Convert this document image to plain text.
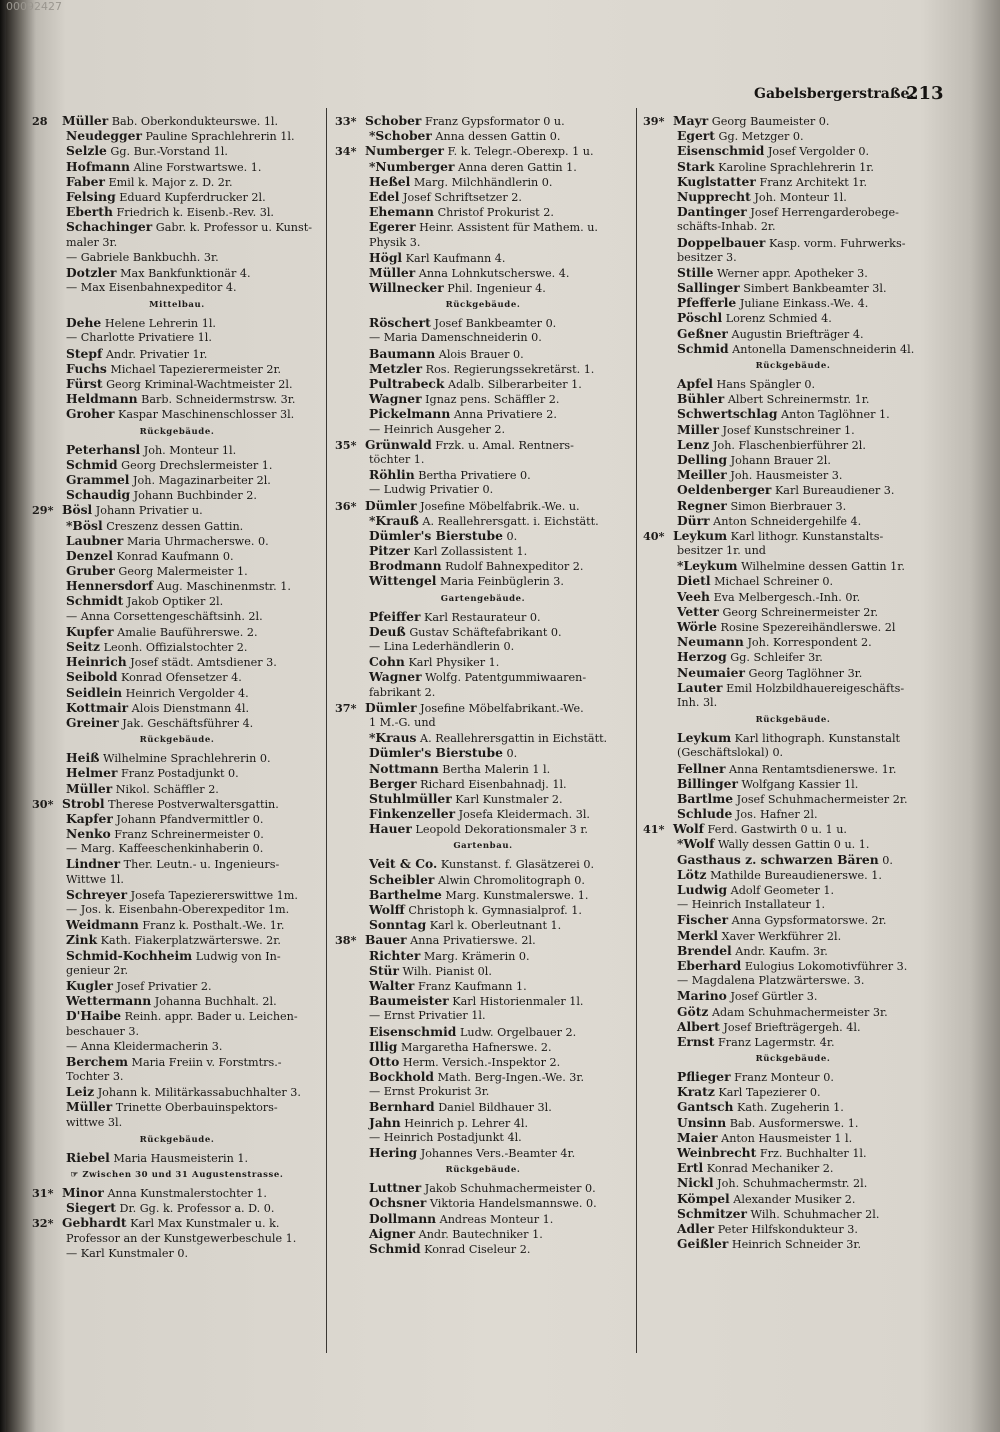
00092427
Gabelsbergerstraße.
213
28 Müller Bab. Oberkondukteurswe. 1l.
Neudegger Pauline Sprachlehrerin 1l.
Selzle Gg. Bur.-Vorstand 1l.
Hofmann Aline Forstwartswe. 1.
Faber Emil k. Major z. D. 2r.
Felsing Eduard Kupferdrucker 2l.
Eberth Friedrich k. Eisenb.-Rev. 3l.
Schachinger Gabr. k. Professor u. Kunst-
maler 3r.
— Gabriele Bankbuchh. 3r.
Dotzler Max Bankfunktionär 4.
— Max Eisenbahnexpeditor 4.
Mittelbau.
Dehe Helene Lehrerin 1l.
— Charlotte Privatiere 1l.
Stepf Andr. Privatier 1r.
Fuchs Michael Tapezierermeister 2r.
Fürst Georg Kriminal-Wachtmeister 2l.
Heldmann Barb. Schneidermstrsw. 3r.
Groher Kaspar Maschinenschlosser 3l.
Rückgebäude.
Peterhansl Joh. Monteur 1l.
Schmid Georg Drechslermeister 1.
Grammel Joh. Magazinarbeiter 2l.
Schaudig Johann Buchbinder 2.
29* Bösl Johann Privatier u.
*Bösl Creszenz dessen Gattin.
Laubner Maria Uhrmacherswe. 0.
Denzel Konrad Kaufmann 0.
Gruber Georg Malermeister 1.
Hennersdorf Aug. Maschinenmstr. 1.
Schmidt Jakob Optiker 2l.
— Anna Corsettengeschäftsinh. 2l.
Kupfer Amalie Bauführerswe. 2.
Seitz Leonh. Offizialstochter 2.
Heinrich Josef städt. Amtsdiener 3.
Seibold Konrad Ofensetzer 4.
Seidlein Heinrich Vergolder 4.
Kottmair Alois Dienstmann 4l.
Greiner Jak. Geschäftsführer 4.
Rückgebäude.
Heiß Wilhelmine Sprachlehrerin 0.
Helmer Franz Postadjunkt 0.
Müller Nikol. Schäffler 2.
30* Strobl Therese Postverwaltersgattin.
Kapfer Johann Pfandvermittler 0.
Nenko Franz Schreinermeister 0.
— Marg. Kaffeeschenkinhaberin 0.
Lindner Ther. Leutn.- u. Ingenieurs-
Wittwe 1l.
Schreyer Josefa Tapeziererswittwe 1m.
— Jos. k. Eisenbahn-Oberexpeditor 1m.
Weidmann Franz k. Posthalt.-We. 1r.
Zink Kath. Fiakerplatzwärterswe. 2r.
Schmid-Kochheim Ludwig von In-
genieur 2r.
Kugler Josef Privatier 2.
Wettermann Johanna Buchhalt. 2l.
D'Haibe Reinh. appr. Bader u. Leichen-
beschauer 3.
— Anna Kleidermacherin 3.
Berchem Maria Freiin v. Forstmtrs.-
Tochter 3.
Leiz Johann k. Militärkassabuchhalter 3.
Müller Trinette Oberbauinspektors-
wittwe 3l.
Rückgebäude.
Riebel Maria Hausmeisterin 1.
☞ Zwischen 30 und 31 Augustenstrasse.
31* Minor Anna Kunstmalerstochter 1.
Siegert Dr. Gg. k. Professor a. D. 0.
32* Gebhardt Karl Max Kunstmaler u. k.
Professor an der Kunstgewerbeschule 1.
— Karl Kunstmaler 0.
33* Schober Franz Gypsformator 0 u.
*Schober Anna dessen Gattin 0.
34* Numberger F. k. Telegr.-Oberexp. 1 u.
*Numberger Anna deren Gattin 1.
Heßel Marg. Milchhändlerin 0.
Edel Josef Schriftsetzer 2.
Ehemann Christof Prokurist 2.
Egerer Heinr. Assistent für Mathem. u.
Physik 3.
Högl Karl Kaufmann 4.
Müller Anna Lohnkutscherswe. 4.
Willnecker Phil. Ingenieur 4.
Rückgebäude.
Röschert Josef Bankbeamter 0.
— Maria Damenschneiderin 0.
Baumann Alois Brauer 0.
Metzler Ros. Regierungssekretärst. 1.
Pultrabeck Adalb. Silberarbeiter 1.
Wagner Ignaz pens. Schäffler 2.
Pickelmann Anna Privatiere 2.
— Heinrich Ausgeher 2.
35* Grünwald Frzk. u. Amal. Rentners-
töchter 1.
Röhlin Bertha Privatiere 0.
— Ludwig Privatier 0.
36* Dümler Josefine Möbelfabrik.-We. u.
*Krauß A. Reallehrersgatt. i. Eichstätt.
Dümler's Bierstube 0.
Pitzer Karl Zollassistent 1.
Brodmann Rudolf Bahnexpeditor 2.
Wittengel Maria Feinbüglerin 3.
Gartengebäude.
Pfeiffer Karl Restaurateur 0.
Deuß Gustav Schäftefabrikant 0.
— Lina Lederhändlerin 0.
Cohn Karl Physiker 1.
Wagner Wolfg. Patentgummiwaaren-
fabrikant 2.
37* Dümler Josefine Möbelfabrikant.-We.
1 M.-G. und
*Kraus A. Reallehrersgattin in Eichstätt.
Dümler's Bierstube 0.
Nottmann Bertha Malerin 1 l.
Berger Richard Eisenbahnadj. 1l.
Stuhlmüller Karl Kunstmaler 2.
Finkenzeller Josefa Kleidermach. 3l.
Hauer Leopold Dekorationsmaler 3 r.
Gartenbau.
Veit & Co. Kunstanst. f. Glasätzerei 0.
Scheibler Alwin Chromolitograph 0.
Barthelme Marg. Kunstmalerswe. 1.
Wolff Christoph k. Gymnasialprof. 1.
Sonntag Karl k. Oberleutnant 1.
38* Bauer Anna Privatierswe. 2l.
Richter Marg. Krämerin 0.
Stür Wilh. Pianist 0l.
Walter Franz Kaufmann 1.
Baumeister Karl Historienmaler 1l.
— Ernst Privatier 1l.
Eisenschmid Ludw. Orgelbauer 2.
Illig Margaretha Hafnerswe. 2.
Otto Herm. Versich.-Inspektor 2.
Bockhold Math. Berg-Ingen.-We. 3r.
— Ernst Prokurist 3r.
Bernhard Daniel Bildhauer 3l.
Jahn Heinrich p. Lehrer 4l.
— Heinrich Postadjunkt 4l.
Hering Johannes Vers.-Beamter 4r.
Rückgebäude.
Luttner Jakob Schuhmachermeister 0.
Ochsner Viktoria Handelsmannswe. 0.
Dollmann Andreas Monteur 1.
Aigner Andr. Bautechniker 1.
Schmid Konrad Ciseleur 2.
39* Mayr Georg Baumeister 0.
Egert Gg. Metzger 0.
Eisenschmid Josef Vergolder 0.
Stark Karoline Sprachlehrerin 1r.
Kuglstatter Franz Architekt 1r.
Nupprecht Joh. Monteur 1l.
Dantinger Josef Herrengarderobege-
schäfts-Inhab. 2r.
Doppelbauer Kasp. vorm. Fuhrwerks-
besitzer 3.
Stille Werner appr. Apotheker 3.
Sallinger Simbert Bankbeamter 3l.
Pfefferle Juliane Einkass.-We. 4.
Pöschl Lorenz Schmied 4.
Geßner Augustin Briefträger 4.
Schmid Antonella Damenschneiderin 4l.
Rückgebäude.
Apfel Hans Spängler 0.
Bühler Albert Schreinermstr. 1r.
Schwertschlag Anton Taglöhner 1.
Miller Josef Kunstschreiner 1.
Lenz Joh. Flaschenbierführer 2l.
Delling Johann Brauer 2l.
Meiller Joh. Hausmeister 3.
Oeldenberger Karl Bureaudiener 3.
Regner Simon Bierbrauer 3.
Dürr Anton Schneidergehilfe 4.
40* Leykum Karl lithogr. Kunstanstalts-
besitzer 1r. und
*Leykum Wilhelmine dessen Gattin 1r.
Dietl Michael Schreiner 0.
Veeh Eva Melbergesch.-Inh. 0r.
Vetter Georg Schreinermeister 2r.
Wörle Rosine Spezereihändlerswe. 2l
Neumann Joh. Korrespondent 2.
Herzog Gg. Schleifer 3r.
Neumaier Georg Taglöhner 3r.
Lauter Emil Holzbildhauereigeschäfts-
Inh. 3l.
Rückgebäude.
Leykum Karl lithograph. Kunstanstalt
(Geschäftslokal) 0.
Fellner Anna Rentamtsdienerswe. 1r.
Billinger Wolfgang Kassier 1l.
Bartlme Josef Schuhmachermeister 2r.
Schlude Jos. Hafner 2l.
41* Wolf Ferd. Gastwirth 0 u. 1 u.
*Wolf Wally dessen Gattin 0 u. 1.
Gasthaus z. schwarzen Bären 0.
Lötz Mathilde Bureaudienerswe. 1.
Ludwig Adolf Geometer 1.
— Heinrich Installateur 1.
Fischer Anna Gypsformatorswe. 2r.
Merkl Xaver Werkführer 2l.
Brendel Andr. Kaufm. 3r.
Eberhard Eulogius Lokomotivführer 3.
— Magdalena Platzwärterswe. 3.
Marino Josef Gürtler 3.
Götz Adam Schuhmachermeister 3r.
Albert Josef Briefträgergeh. 4l.
Ernst Franz Lagermstr. 4r.
Rückgebäude.
Pflieger Franz Monteur 0.
Kratz Karl Tapezierer 0.
Gantsch Kath. Zugeherin 1.
Unsinn Bab. Ausformerswe. 1.
Maier Anton Hausmeister 1 l.
Weinbrecht Frz. Buchhalter 1l.
Ertl Konrad Mechaniker 2.
Nickl Joh. Schuhmachermstr. 2l.
Kömpel Alexander Musiker 2.
Schmitzer Wilh. Schuhmacher 2l.
Adler Peter Hilfskondukteur 3.
Geißler Heinrich Schneider 3r.
